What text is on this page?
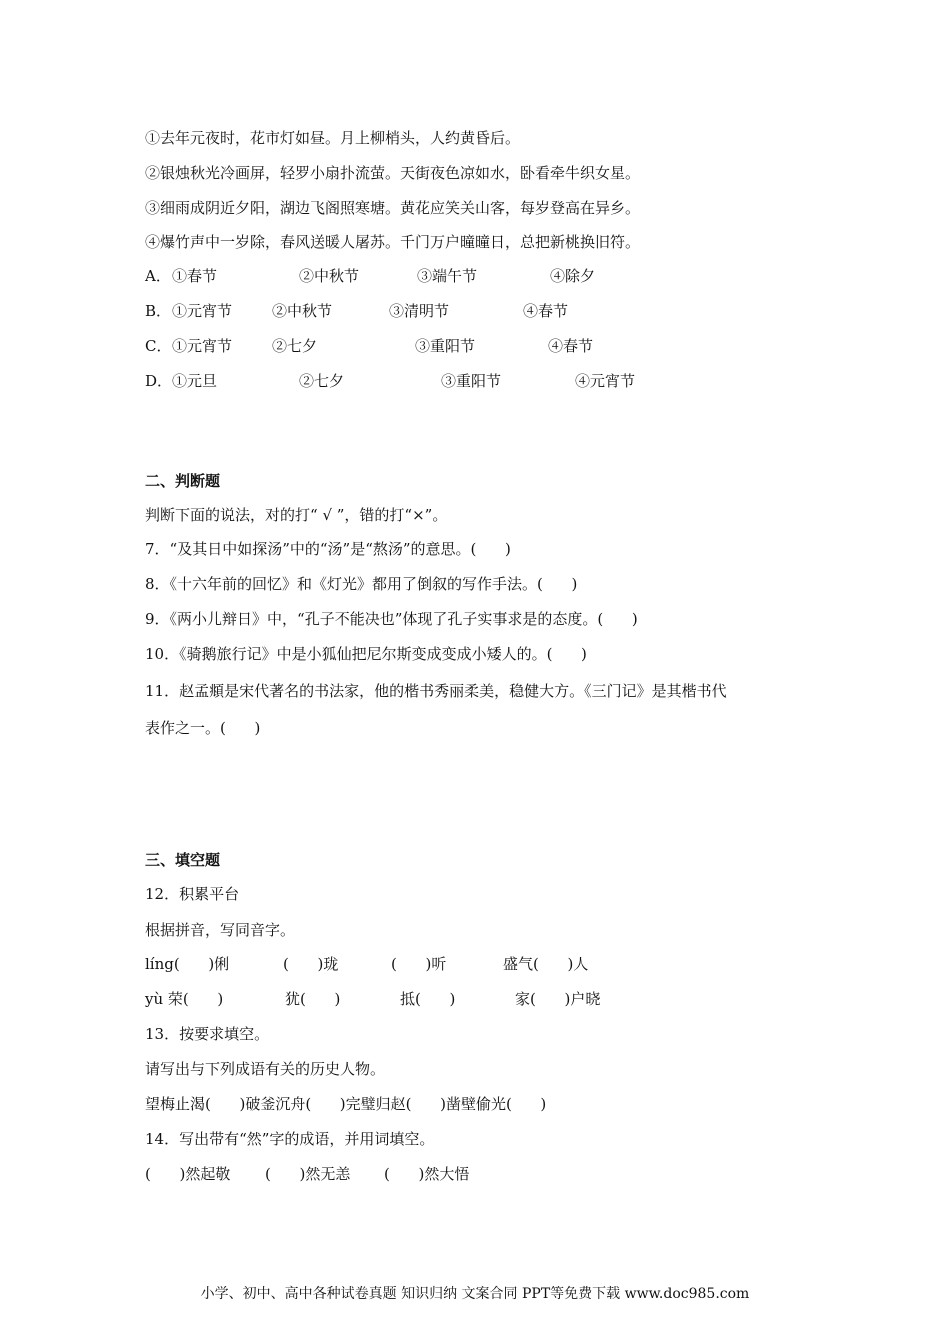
①去年元夜时，花市灯如昼。月上柳梢头，人约黄昏后。
②银烛秋光冷画屏，轻罗小扇扑流萤。天街夜色凉如水，卧看牵牛织女星。
③细雨成阴近夕阳，湖边飞阁照寒塘。黄花应笑关山客，每岁登高在异乡。
④爆竹声中一岁除，春风送暖人屠苏。千门万户曈曈日，总把新桃换旧符。
A． ①春节	②中秋节	③端午节	④除夕
B． ①元宵节	②中秋节	③清明节	④春节
C． ①元宵节	②七夕	③重阳节	④春节
D． ①元旦	②七夕	③重阳节	④元宵节
二、判断题
判断下面的说法，对的打“ √ ”，错的打“×”。
7．“及其日中如探汤”中的“汤”是“熬汤”的意思。(      )
8．《十六年前的回忆》和《灯光》都用了倒叙的写作手法。(      )
9．《两小儿辩日》中，“孔子不能决也”体现了孔子实事求是的态度。(      )
10．《骑鹅旅行记》中是小狐仙把尼尔斯变成变成小矮人的。(      )
11．赵孟頫是宋代著名的书法家，他的楷书秀丽柔美，稳健大方。《三门记》是其楷书代
表作之一。(      )
三、填空题
12．积累平台
根据拼音，写同音字。
líng(      )俐	(      )珑	(      )听	盛气(      )人
yù 荣(      )	犹(      )	抵(      )	家(      )户晓
13．按要求填空。
请写出与下列成语有关的历史人物。
望梅止渴(      )破釜沉舟(      )完璧归赵(      )凿壁偷光(      )
14．写出带有“然”字的成语，并用词填空。
(      )然起敬 (      )然无恙 (      )然大悟
小学、初中、高中各种试卷真题 知识归纳 文案合同 PPT等免费下载 www.doc985.com
